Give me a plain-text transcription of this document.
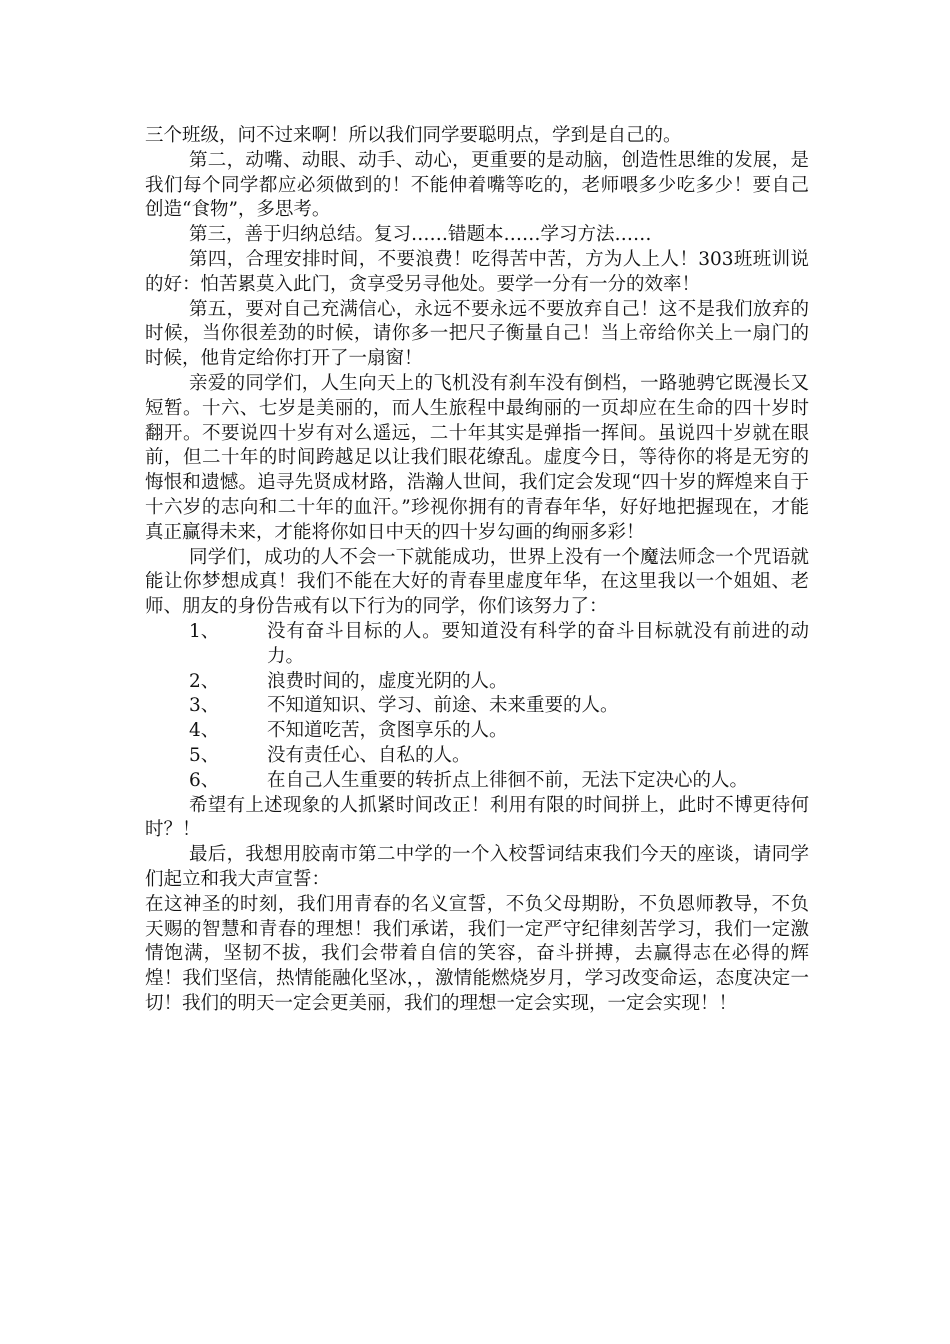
三个班级，问不过来啊！所以我们同学要聪明点，学到是自己的。

第二，动嘴、动眼、动手、动心，更重要的是动脑，创造性思维的发展，是我们每个同学都应必须做到的！不能伸着嘴等吃的，老师喂多少吃多少！要自己创造“食物”，多思考。

第三，善于归纳总结。复习……错题本……学习方法……

第四，合理安排时间，不要浪费！吃得苦中苦，方为人上人！303班班训说的好：怕苦累莫入此门，贪享受另寻他处。要学一分有一分的效率！

第五，要对自己充满信心，永远不要永远不要放弃自己！这不是我们放弃的时候，当你很差劲的时候，请你多一把尺子衡量自己！当上帝给你关上一扇门的时候，他肯定给你打开了一扇窗！

亲爱的同学们，人生向天上的飞机没有刹车没有倒档，一路驰骋它既漫长又短暂。十六、七岁是美丽的，而人生旅程中最绚丽的一页却应在生命的四十岁时翻开。不要说四十岁有对么遥远，二十年其实是弹指一挥间。虽说四十岁就在眼前，但二十年的时间跨越足以让我们眼花缭乱。虚度今日，等待你的将是无穷的悔恨和遗憾。追寻先贤成材路，浩瀚人世间，我们定会发现“四十岁的辉煌来自于十六岁的志向和二十年的血汗。”珍视你拥有的青春年华，好好地把握现在，才能真正赢得未来，才能将你如日中天的四十岁勾画的绚丽多彩！

同学们，成功的人不会一下就能成功，世界上没有一个魔法师念一个咒语就能让你梦想成真！我们不能在大好的青春里虚度年华，在这里我以一个姐姐、老师、朋友的身份告戒有以下行为的同学，你们该努力了：

1、	没有奋斗目标的人。要知道没有科学的奋斗目标就没有前进的动力。
2、	浪费时间的，虚度光阴的人。
3、	不知道知识、学习、前途、未来重要的人。
4、	不知道吃苦，贪图享乐的人。
5、	没有责任心、自私的人。
6、	在自己人生重要的转折点上徘徊不前，无法下定决心的人。

希望有上述现象的人抓紧时间改正！利用有限的时间拼上，此时不博更待何时？！

最后，我想用胶南市第二中学的一个入校誓词结束我们今天的座谈，请同学们起立和我大声宣誓：

在这神圣的时刻，我们用青春的名义宣誓，不负父母期盼，不负恩师教导，不负天赐的智慧和青春的理想！我们承诺，我们一定严守纪律刻苦学习，我们一定激情饱满，坚韧不拔，我们会带着自信的笑容，奋斗拼搏，去赢得志在必得的辉煌！我们坚信，热情能融化坚冰，，激情能燃烧岁月，学习改变命运，态度决定一切！我们的明天一定会更美丽，我们的理想一定会实现，一定会实现！！
